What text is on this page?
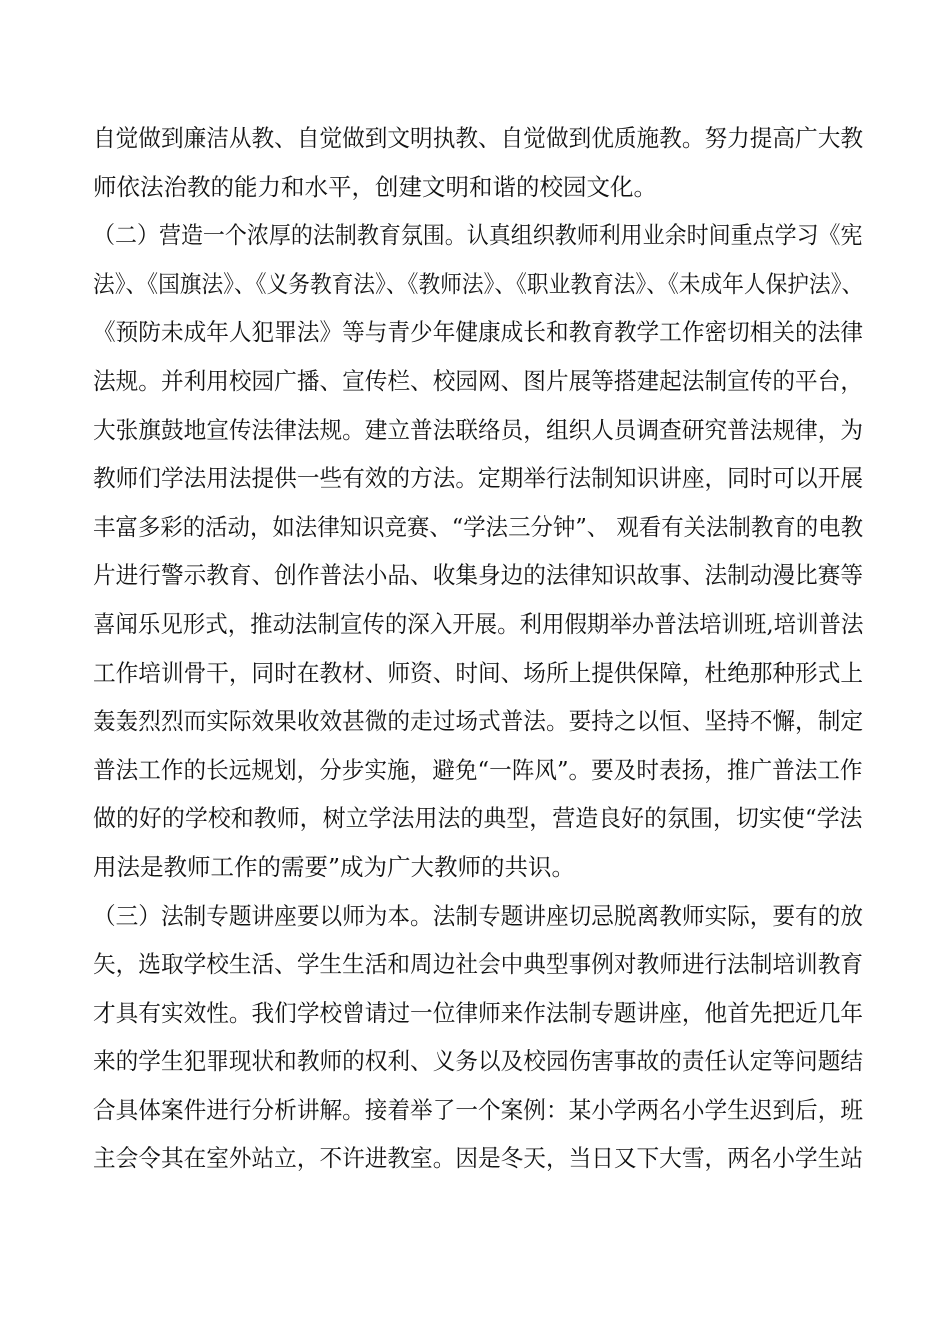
自觉做到廉洁从教、自觉做到文明执教、自觉做到优质施教。努力提高广大教
师依法治教的能力和水平，创建文明和谐的校园文化。
（二）营造一个浓厚的法制教育氛围。认真组织教师利用业余时间重点学习《宪
法》、《国旗法》、《义务教育法》、《教师法》、《职业教育法》、《未成年人保护法》、
《预防未成年人犯罪法》等与青少年健康成长和教育教学工作密切相关的法律
法规。并利用校园广播、宣传栏、校园网、图片展等搭建起法制宣传的平台，
大张旗鼓地宣传法律法规。建立普法联络员，组织人员调查研究普法规律，为
教师们学法用法提供一些有效的方法。定期举行法制知识讲座，同时可以开展
丰富多彩的活动，如法律知识竞赛、“学法三分钟”、 观看有关法制教育的电教
片进行警示教育、创作普法小品、收集身边的法律知识故事、法制动漫比赛等
喜闻乐见形式，推动法制宣传的深入开展。利用假期举办普法培训班,培训普法
工作培训骨干，同时在教材、师资、时间、场所上提供保障，杜绝那种形式上
轰轰烈烈而实际效果收效甚微的走过场式普法。要持之以恒、坚持不懈，制定
普法工作的长远规划，分步实施，避免“一阵风”。要及时表扬，推广普法工作
做的好的学校和教师，树立学法用法的典型，营造良好的氛围，切实使“学法
用法是教师工作的需要”成为广大教师的共识。
（三）法制专题讲座要以师为本。法制专题讲座切忌脱离教师实际，要有的放
矢，选取学校生活、学生生活和周边社会中典型事例对教师进行法制培训教育
才具有实效性。我们学校曾请过一位律师来作法制专题讲座，他首先把近几年
来的学生犯罪现状和教师的权利、义务以及校园伤害事故的责任认定等问题结
合具体案件进行分析讲解。接着举了一个案例：某小学两名小学生迟到后，班
主会令其在室外站立，不许进教室。因是冬天，当日又下大雪，两名小学生站
